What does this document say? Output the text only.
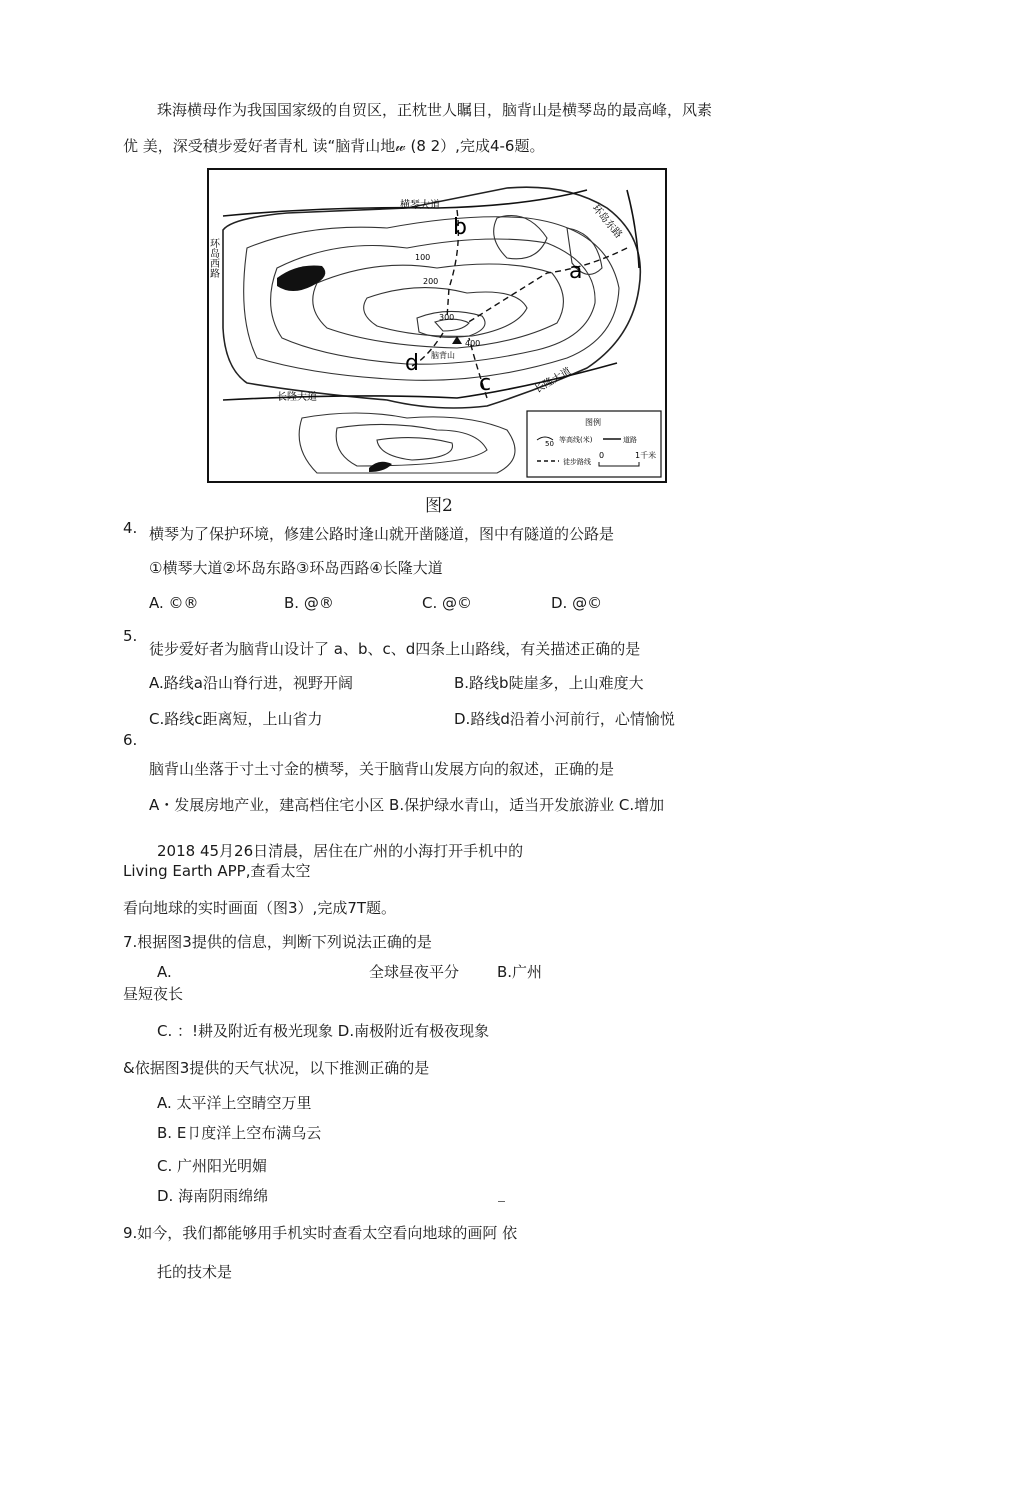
珠海横母作为我国国家级的自贸区，正枕世人瞩目，脑背山是横琴岛的最高峰，风素
优 美，深受積步爱好者青札 读“脑背山地𝓌 (8 2）,完成4-6题。
横琴大道
长隆大道
长隆大道
环岛东路
环岛西路
b
a
c
d 脑背山
100
200
300
400
图例
50 等高线(米)	道路
徒步路线
0	1千米
图2
4. 横琴为了保护环境，修建公路时逢山就开凿隧道，图中有隧道的公路是
①横琴大道②坏岛东路③环岛西路④长隆大道
A. ©®	B. @®	C. @©	D. @©
5.
徒步爱好者为脑背山设计了 a、b、c、d四条上山路线，有关描述正确的是
A.路线a沿山脊行进，视野开阔	B.路线b陡崖多，上山难度大
C.路线c距离短，上山省力	D.路线d沿着小河前行，心情愉悦
6.
脑背山坐落于寸土寸金的横琴，关于脑背山发展方向的叙述，正确的是
A・发展房地产业，建高档住宅小区 B.保护绿水青山，适当开发旅游业 C.增加
2018 45月26日清晨，居住在广州的小海打开手机中的
Living Earth APP,查看太空
看向地球的实时画面（图3）,完成7T题。
7.根据图3提供的信息，判断下列说法正确的是
A.	全球昼夜平分	B.广州
昼短夜长
C. ：!耕及附近有极光现象 D.南极附近有极夜现象
&依据图3提供的天气状况，以下推测正确的是
A. 太平洋上空睛空万里
B. E卩度洋上空布满乌云
C. 广州阳光明媚
D. 海南阴雨绵绵
9.如今，我们都能够用手机实时查看太空看向地球的画阿 依
托的技术是
